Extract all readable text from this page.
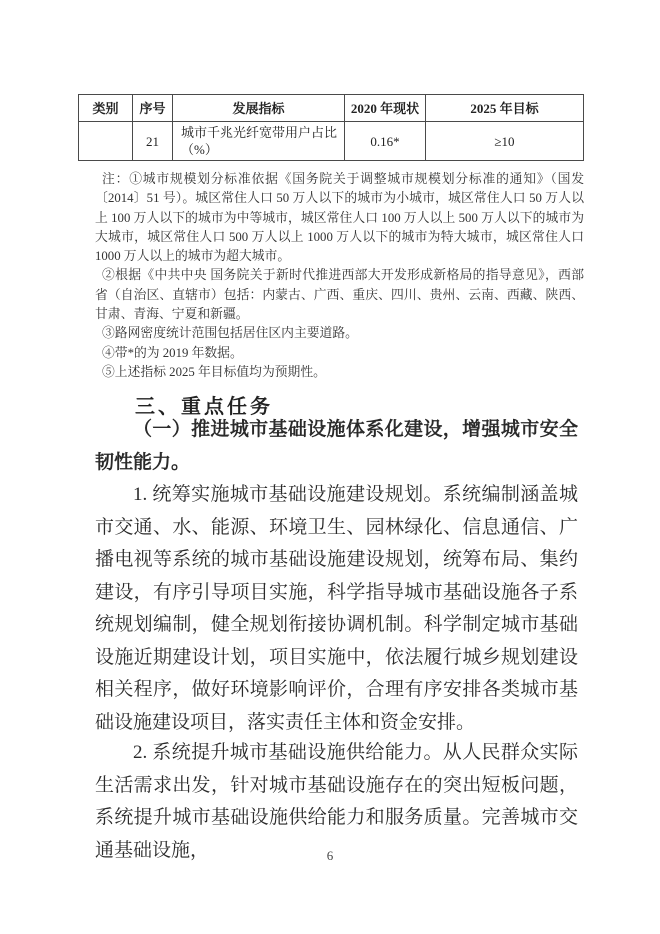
类别	序号	发展指标	2020 年现状	2025 年目标
	21	城市千兆光纤宽带用户占比（%）	0.16*	≥10

注：①城市规模划分标准依据《国务院关于调整城市规模划分标准的通知》（国发〔2014〕51 号）。城区常住人口 50 万人以下的城市为小城市，城区常住人口 50 万人以上 100 万人以下的城市为中等城市，城区常住人口 100 万人以上 500 万人以下的城市为大城市，城区常住人口 500 万人以上 1000 万人以下的城市为特大城市，城区常住人口 1000 万人以上的城市为超大城市。

②根据《中共中央 国务院关于新时代推进西部大开发形成新格局的指导意见》，西部省（自治区、直辖市）包括：内蒙古、广西、重庆、四川、贵州、云南、西藏、陕西、甘肃、青海、宁夏和新疆。

③路网密度统计范围包括居住区内主要道路。

④带*的为 2019 年数据。

⑤上述指标 2025 年目标值均为预期性。

三、重点任务

（一）推进城市基础设施体系化建设，增强城市安全韧性能力。

1. 统筹实施城市基础设施建设规划。系统编制涵盖城市交通、水、能源、环境卫生、园林绿化、信息通信、广播电视等系统的城市基础设施建设规划，统筹布局、集约建设，有序引导项目实施，科学指导城市基础设施各子系统规划编制，健全规划衔接协调机制。科学制定城市基础设施近期建设计划，项目实施中，依法履行城乡规划建设相关程序，做好环境影响评价，合理有序安排各类城市基础设施建设项目，落实责任主体和资金安排。

2. 系统提升城市基础设施供给能力。从人民群众实际生活需求出发，针对城市基础设施存在的突出短板问题，系统提升城市基础设施供给能力和服务质量。完善城市交通基础设施，	6
